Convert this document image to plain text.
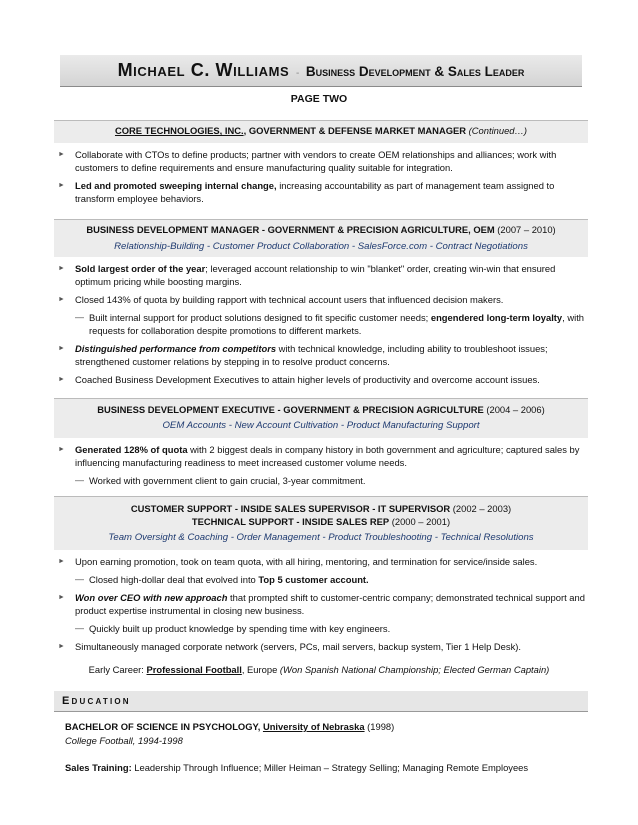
Michael C. Williams - Business Development & Sales Leader
PAGE TWO
CORE TECHNOLOGIES, INC., GOVERNMENT & DEFENSE MARKET MANAGER (Continued…)
► Collaborate with CTOs to define products; partner with vendors to create OEM relationships and alliances; work with customers to define requirements and ensure manufacturing quality suitable for integration.
► Led and promoted sweeping internal change, increasing accountability as part of management team assigned to transform employee behaviors.
BUSINESS DEVELOPMENT MANAGER - GOVERNMENT & PRECISION AGRICULTURE, OEM (2007 – 2010)
Relationship-Building - Customer Product Collaboration - SalesForce.com - Contract Negotiations
► Sold largest order of the year; leveraged account relationship to win "blanket" order, creating win-win that ensured optimum pricing while boosting margins.
► Closed 143% of quota by building rapport with technical account users that influenced decision makers.
— Built internal support for product solutions designed to fit specific customer needs; engendered long-term loyalty, with requests for collaboration despite promotions to different markets.
► Distinguished performance from competitors with technical knowledge, including ability to troubleshoot issues; strengthened customer relations by stepping in to resolve product concerns.
► Coached Business Development Executives to attain higher levels of productivity and overcome account issues.
BUSINESS DEVELOPMENT EXECUTIVE - GOVERNMENT & PRECISION AGRICULTURE (2004 – 2006)
OEM Accounts - New Account Cultivation - Product Manufacturing Support
► Generated 128% of quota with 2 biggest deals in company history in both government and agriculture; captured sales by influencing manufacturing readiness to meet increased customer volume needs.
— Worked with government client to gain crucial, 3-year commitment.
CUSTOMER SUPPORT - INSIDE SALES SUPERVISOR - IT SUPERVISOR (2002 – 2003)
TECHNICAL SUPPORT - INSIDE SALES REP (2000 – 2001)
Team Oversight & Coaching - Order Management - Product Troubleshooting - Technical Resolutions
► Upon earning promotion, took on team quota, with all hiring, mentoring, and termination for service/inside sales.
— Closed high-dollar deal that evolved into Top 5 customer account.
► Won over CEO with new approach that prompted shift to customer-centric company; demonstrated technical support and product expertise instrumental in closing new business.
— Quickly built up product knowledge by spending time with key engineers.
► Simultaneously managed corporate network (servers, PCs, mail servers, backup system, Tier 1 Help Desk).
Early Career: Professional Football, Europe (Won Spanish National Championship; Elected German Captain)
Education
BACHELOR OF SCIENCE IN PSYCHOLOGY, University of Nebraska (1998)
College Football, 1994-1998
Sales Training: Leadership Through Influence; Miller Heiman – Strategy Selling; Managing Remote Employees
